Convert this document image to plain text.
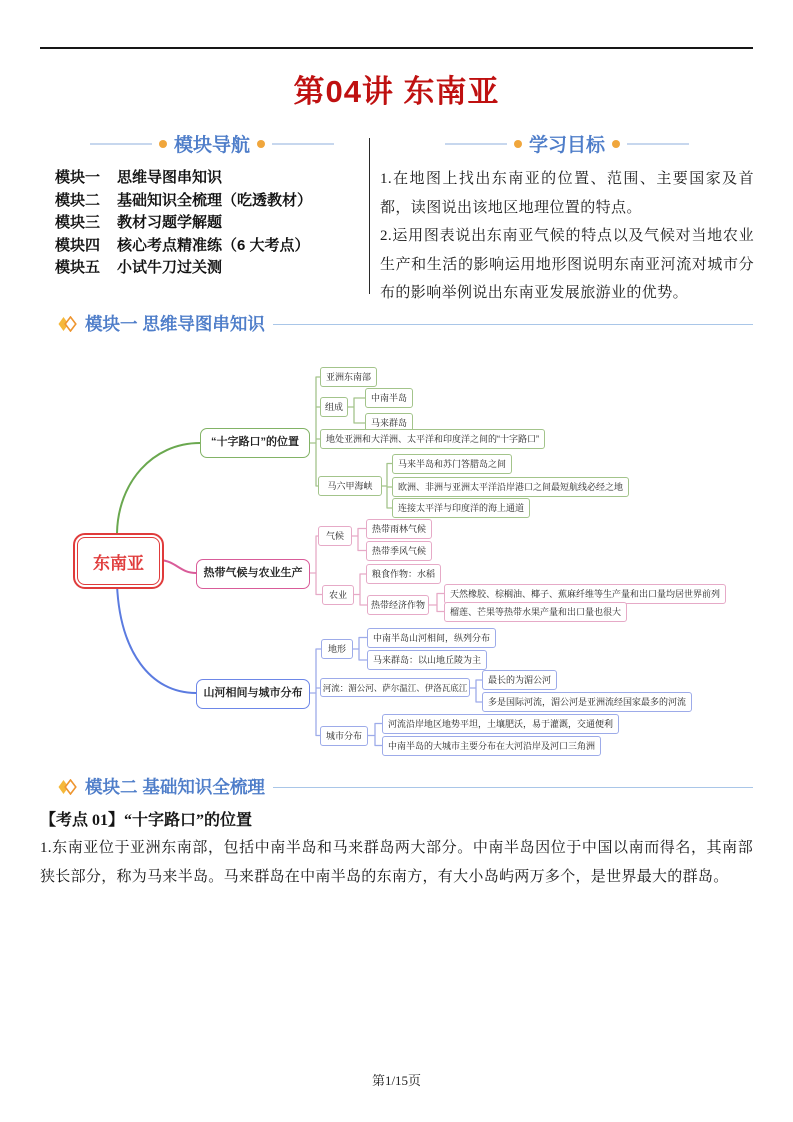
第04讲 东南亚
模块导航
模块一	思维导图串知识
模块二	基础知识全梳理（吃透教材）
模块三	教材习题学解题
模块四	核心考点精准练（6 大考点）
模块五	小试牛刀过关测
学习目标

1.在地图上找出东南亚的位置、范围、主要国家及首都，读图说出该地区地理位置的特点。

2.运用图表说出东南亚气候的特点以及气候对当地农业生产和生活的影响运用地形图说明东南亚河流对城市分布的影响举例说出东南亚发展旅游业的优势。

模块一 思维导图串知识
东南亚
“十字路口”的位置
热带气候与农业生产
山河相间与城市分布
亚洲东南部
组成
中南半岛
马来群岛
地处亚洲和大洋洲、太平洋和印度洋之间的“十字路口”
马六甲海峡
马来半岛和苏门答腊岛之间
欧洲、非洲与亚洲太平洋沿岸港口之间最短航线必经之地
连接太平洋与印度洋的海上通道
气候
热带雨林气候
热带季风气候
农业
粮食作物：水稻
热带经济作物
天然橡胶、棕榈油、椰子、蕉麻纤维等生产量和出口量均居世界前列
榴莲、芒果等热带水果产量和出口量也很大
地形
中南半岛山河相间，纵列分布
马来群岛：以山地丘陵为主
河流：湄公河、萨尔温江、伊洛瓦底江
最长的为湄公河
多是国际河流，湄公河是亚洲流经国家最多的河流
城市分布
河流沿岸地区地势平坦，土壤肥沃，易于灌溉，交通便利
中南半岛的大城市主要分布在大河沿岸及河口三角洲
模块二 基础知识全梳理
【考点 01】“十字路口”的位置
1.东南亚位于亚洲东南部，包括中南半岛和马来群岛两大部分。中南半岛因位于中国以南而得名，其南部狭长部分，称为马来半岛。马来群岛在中南半岛的东南方，有大小岛屿两万多个，是世界最大的群岛。
第1/15页
